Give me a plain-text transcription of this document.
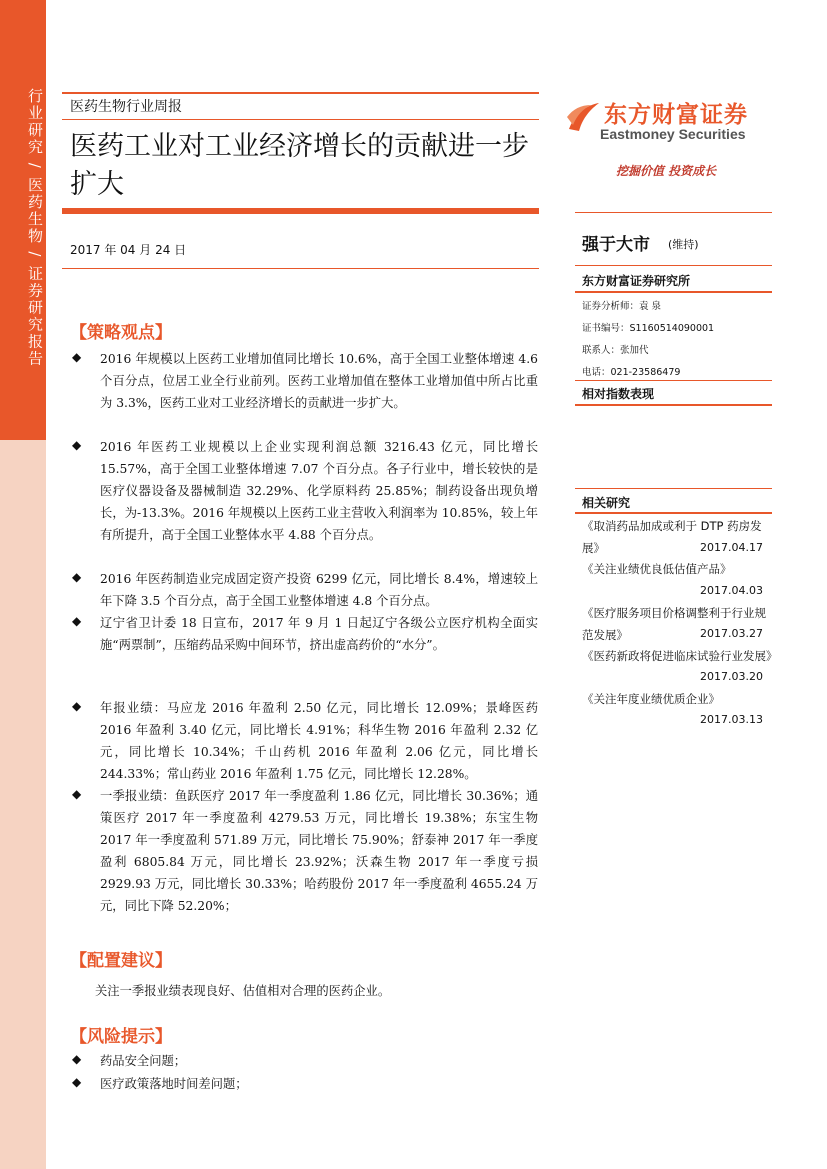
行业研究 / 医药生物 / 证券研究报告 医药生物行业周报
医药工业对工业经济增长的贡献进一步扩大
2017 年 04 月 24 日
东方财富证券
Eastmoney Securities
挖掘价值 投资成长
强于大市 (维持)
东方财富证券研究所
证券分析师：袁 泉
证书编号：S1160514090001
联系人：张加代
电话：021-23586479
相对指数表现
相关研究
《取消药品加成或利于 DTP 药房发展》	2017.04.17
《关注业绩优良低估值产品》
2017.04.03
《医疗服务项目价格调整利于行业规范发展》	2017.03.27
《医药新政将促进临床试验行业发展》
2017.03.20
《关注年度业绩优质企业》
2017.03.13
【策略观点】
◆ 2016 年规模以上医药工业增加值同比增长 10.6%，高于全国工业整体增速 4.6 个百分点，位居工业全行业前列。医药工业增加值在整体工业增加值中所占比重为 3.3%，医药工业对工业经济增长的贡献进一步扩大。
◆ 2016 年医药工业规模以上企业实现利润总额 3216.43 亿元，同比增长 15.57%，高于全国工业整体增速 7.07 个百分点。各子行业中，增长较快的是医疗仪器设备及器械制造 32.29%、化学原料药 25.85%；制药设备出现负增长，为-13.3%。2016 年规模以上医药工业主营收入利润率为 10.85%，较上年有所提升，高于全国工业整体水平 4.88 个百分点。
◆ 2016 年医药制造业完成固定资产投资 6299 亿元，同比增长 8.4%，增速较上年下降 3.5 个百分点，高于全国工业整体增速 4.8 个百分点。
◆ 辽宁省卫计委 18 日宣布，2017 年 9 月 1 日起辽宁各级公立医疗机构全面实施“两票制”，压缩药品采购中间环节，挤出虚高药价的“水分”。
◆ 年报业绩：马应龙 2016 年盈利 2.50 亿元，同比增长 12.09%；景峰医药 2016 年盈利 3.40 亿元，同比增长 4.91%；科华生物 2016 年盈利 2.32 亿元，同比增长 10.34%；千山药机 2016 年盈利 2.06 亿元，同比增长 244.33%；常山药业 2016 年盈利 1.75 亿元，同比增长 12.28%。
◆ 一季报业绩：鱼跃医疗 2017 年一季度盈利 1.86 亿元，同比增长 30.36%；通策医疗 2017 年一季度盈利 4279.53 万元，同比增长 19.38%；东宝生物 2017 年一季度盈利 571.89 万元，同比增长 75.90%；舒泰神 2017 年一季度盈利 6805.84 万元，同比增长 23.92%；沃森生物 2017 年一季度亏损 2929.93 万元，同比增长 30.33%；哈药股份 2017 年一季度盈利 4655.24 万元，同比下降 52.20%；
【配置建议】
关注一季报业绩表现良好、估值相对合理的医药企业。
【风险提示】
◆ 药品安全问题；
◆ 医疗政策落地时间差问题；
